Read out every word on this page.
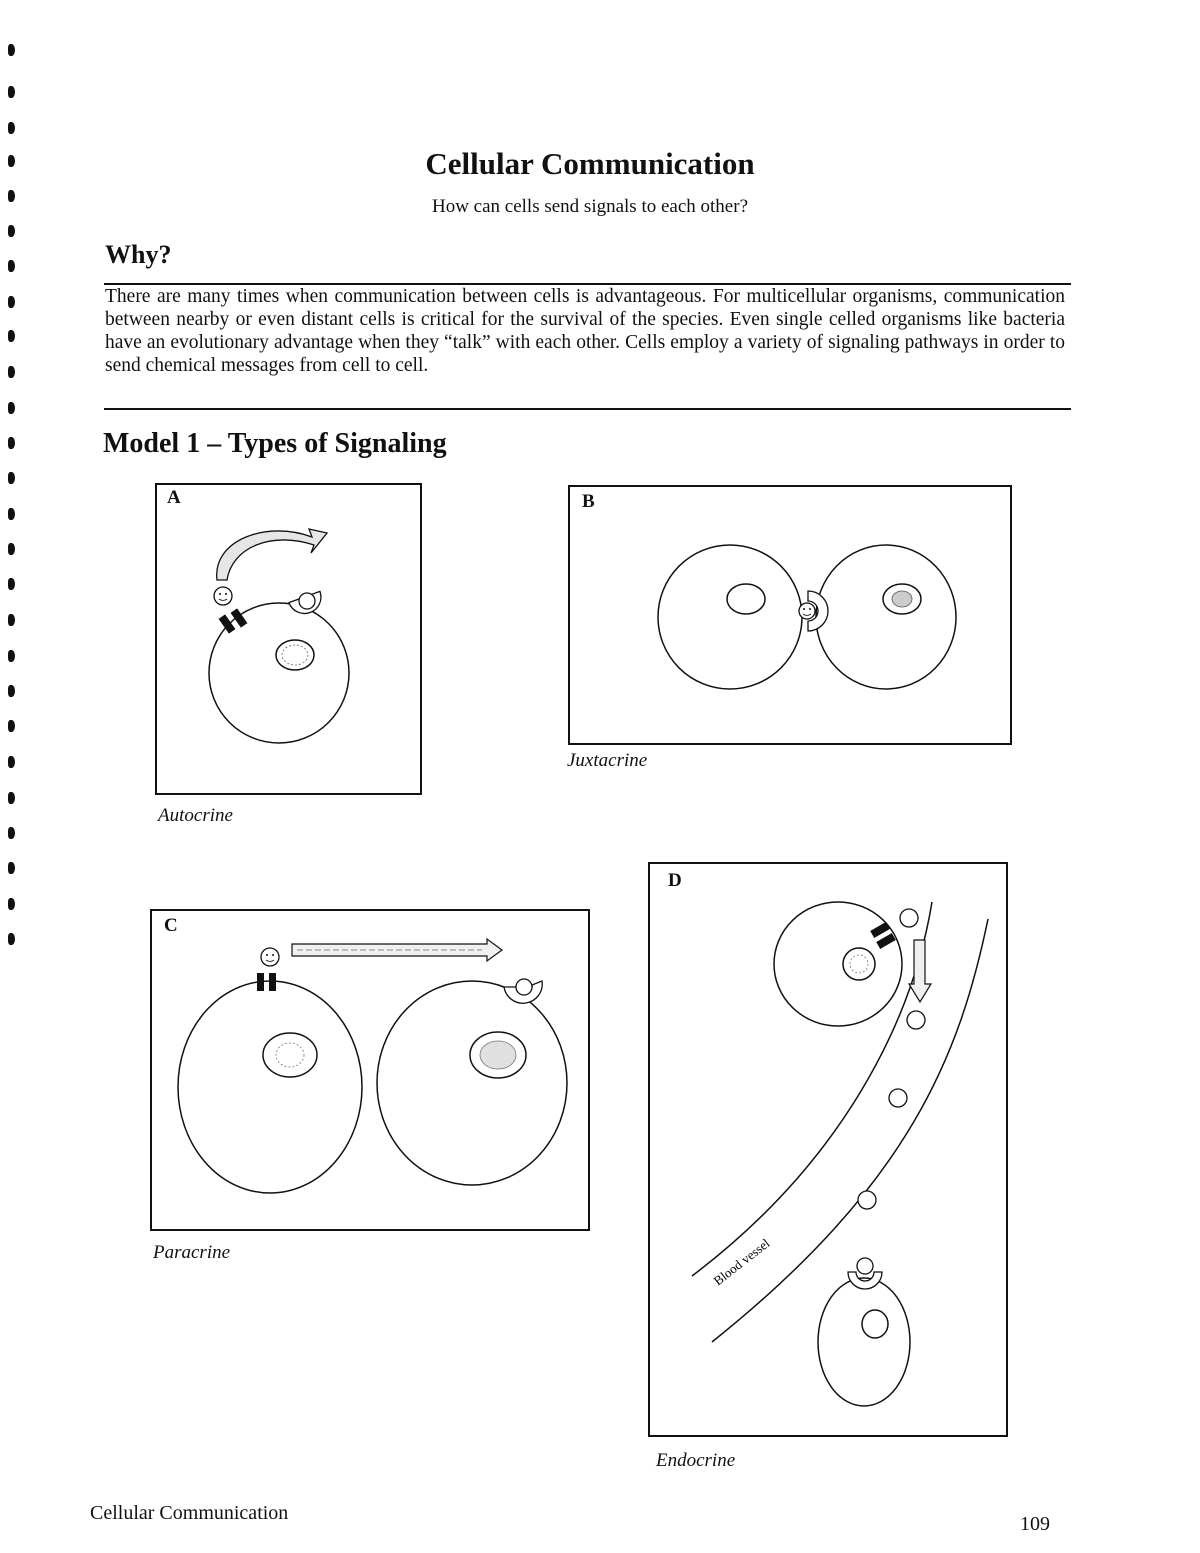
Cellular Communication
How can cells send signals to each other?
Why?
There are many times when communication between cells is advantageous. For multicellular organisms, communication between nearby or even distant cells is critical for the survival of the species. Even single celled organisms like bacteria have an evolutionary advantage when they “talk” with each other. Cells employ a variety of signaling pathways in order to send chemical messages from cell to cell.
Model 1 – Types of Signaling
A
Autocrine
B
Juxtacrine
C
Paracrine	Blood vessel
D
Endocrine
Cellular Communication	109
